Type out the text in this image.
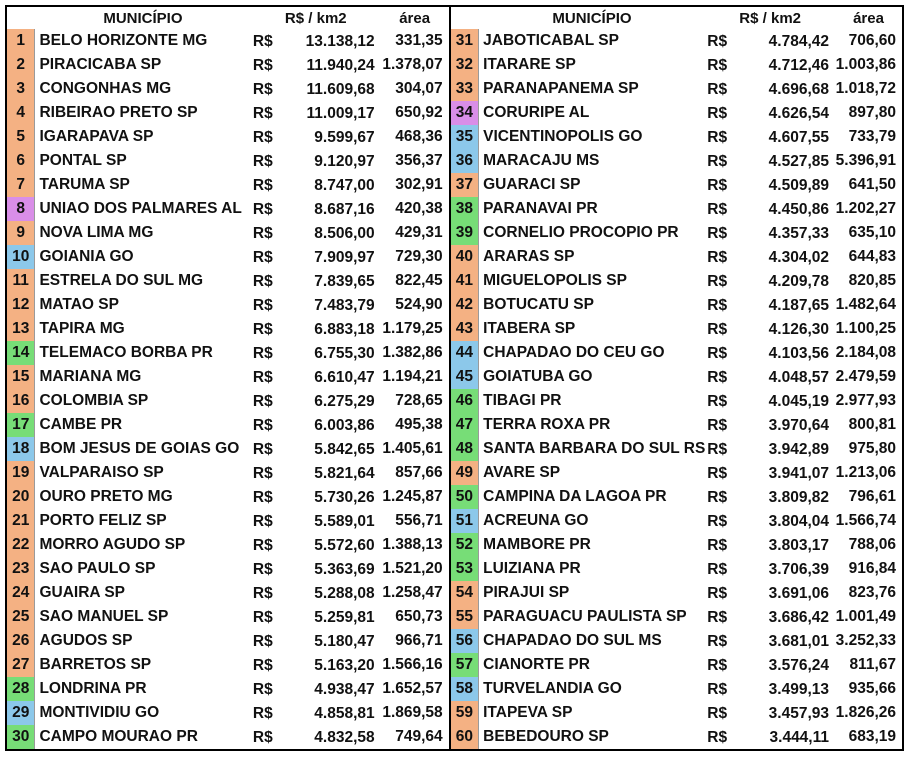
	MUNICÍPIO	R$ / km2	área
1	BELO HORIZONTE MG	R$ 13.138,12	331,35
2	PIRACICABA SP	R$ 11.940,24	1.378,07
3	CONGONHAS MG	R$ 11.609,68	304,07
4	RIBEIRAO PRETO SP	R$ 11.009,17	650,92
5	IGARAPAVA SP	R$ 9.599,67	468,36
6	PONTAL SP	R$ 9.120,97	356,37
7	TARUMA SP	R$ 8.747,00	302,91
8	UNIAO DOS PALMARES AL	R$ 8.687,16	420,38
9	NOVA LIMA MG	R$ 8.506,00	429,31
10	GOIANIA GO	R$ 7.909,97	729,30
11	ESTRELA DO SUL MG	R$ 7.839,65	822,45
12	MATAO SP	R$ 7.483,79	524,90
13	TAPIRA MG	R$ 6.883,18	1.179,25
14	TELEMACO BORBA PR	R$ 6.755,30	1.382,86
15	MARIANA MG	R$ 6.610,47	1.194,21
16	COLOMBIA SP	R$ 6.275,29	728,65
17	CAMBE PR	R$ 6.003,86	495,38
18	BOM JESUS DE GOIAS GO	R$ 5.842,65	1.405,61
19	VALPARAISO SP	R$ 5.821,64	857,66
20	OURO PRETO MG	R$ 5.730,26	1.245,87
21	PORTO FELIZ SP	R$ 5.589,01	556,71
22	MORRO AGUDO SP	R$ 5.572,60	1.388,13
23	SAO PAULO SP	R$ 5.363,69	1.521,20
24	GUAIRA SP	R$ 5.288,08	1.258,47
25	SAO MANUEL SP	R$ 5.259,81	650,73
26	AGUDOS SP	R$ 5.180,47	966,71
27	BARRETOS SP	R$ 5.163,20	1.566,16
28	LONDRINA PR	R$ 4.938,47	1.652,57
29	MONTIVIDIU GO	R$ 4.858,81	1.869,58
30	CAMPO MOURAO PR	R$ 4.832,58	749,64
	MUNICÍPIO	R$ / km2	área
31	JABOTICABAL SP	R$ 4.784,42	706,60
32	ITARARE SP	R$ 4.712,46	1.003,86
33	PARANAPANEMA SP	R$ 4.696,68	1.018,72
34	CORURIPE AL	R$ 4.626,54	897,80
35	VICENTINOPOLIS GO	R$ 4.607,55	733,79
36	MARACAJU MS	R$ 4.527,85	5.396,91
37	GUARACI SP	R$ 4.509,89	641,50
38	PARANAVAI PR	R$ 4.450,86	1.202,27
39	CORNELIO PROCOPIO PR	R$ 4.357,33	635,10
40	ARARAS SP	R$ 4.304,02	644,83
41	MIGUELOPOLIS SP	R$ 4.209,78	820,85
42	BOTUCATU SP	R$ 4.187,65	1.482,64
43	ITABERA SP	R$ 4.126,30	1.100,25
44	CHAPADAO DO CEU GO	R$ 4.103,56	2.184,08
45	GOIATUBA GO	R$ 4.048,57	2.479,59
46	TIBAGI PR	R$ 4.045,19	2.977,93
47	TERRA ROXA PR	R$ 3.970,64	800,81
48	SANTA BARBARA DO SUL RS	R$ 3.942,89	975,80
49	AVARE SP	R$ 3.941,07	1.213,06
50	CAMPINA DA LAGOA PR	R$ 3.809,82	796,61
51	ACREUNA GO	R$ 3.804,04	1.566,74
52	MAMBORE PR	R$ 3.803,17	788,06
53	LUIZIANA PR	R$ 3.706,39	916,84
54	PIRAJUI SP	R$ 3.691,06	823,76
55	PARAGUACU PAULISTA SP	R$ 3.686,42	1.001,49
56	CHAPADAO DO SUL MS	R$ 3.681,01	3.252,33
57	CIANORTE PR	R$ 3.576,24	811,67
58	TURVELANDIA GO	R$ 3.499,13	935,66
59	ITAPEVA SP	R$ 3.457,93	1.826,26
60	BEBEDOURO SP	R$ 3.444,11	683,19
